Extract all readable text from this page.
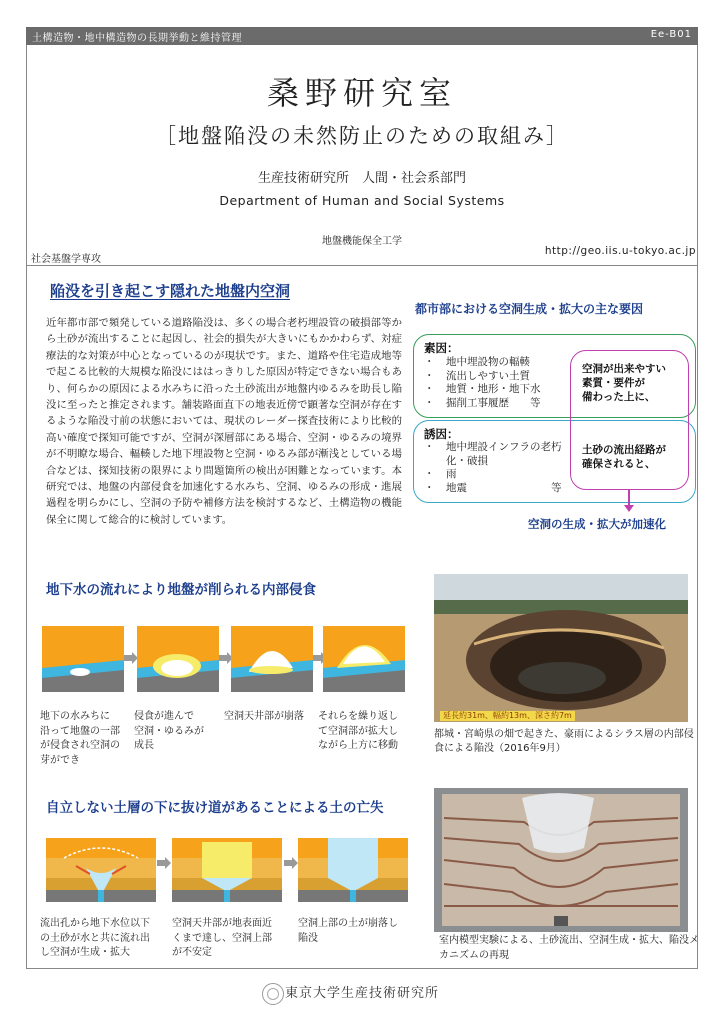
土構造物・地中構造物の長期挙動と維持管理	Ee-B01
桑野研究室
［地盤陥没の未然防止のための取組み］
生産技術研究所　人間・社会系部門
Department of Human and Social Systems
地盤機能保全工学
社会基盤学専攻
http://geo.iis.u-tokyo.ac.jp
陥没を引き起こす隠れた地盤内空洞
近年都市部で頻発している道路陥没は、多くの場合老朽埋設管の破損部等から土砂が流出することに起因し、社会的損失が大きいにもかかわらず、対症療法的な対策が中心となっているのが現状です。また、道路や住宅造成地等で起こる比較的大規模な陥没にははっきりした原因が特定できない場合もあり、何らかの原因による水みちに沿った土砂流出が地盤内ゆるみを助長し陥没に至ったと推定されます。舗装路面直下の地表近傍で顕著な空洞が存在するような陥没寸前の状態においては、現状のレーダー探査技術により比較的高い確度で探知可能ですが、空洞が深層部にある場合、空洞・ゆるみの境界が不明瞭な場合、輻輳した地下埋設物と空洞・ゆるみ部が漸浅としている場合などは、探知技術の限界により問題箇所の検出が困難となっています。本研究では、地盤の内部侵食を加速化する水みち、空洞、ゆるみの形成・進展過程を明らかにし、空洞の予防や補修方法を検討するなど、土構造物の機能保全に関して総合的に検討しています。
都市部における空洞生成・拡大の主な要因
素因：
・ 地中埋設物の輻輳
・ 流出しやすい土質
・ 地質・地形・地下水
・ 掘削工事履歴　　等
誘因：
・ 地中埋設インフラの老朽化・破損
・ 雨
・ 地震　　　　　　　　等
空洞が出来やすい
素質・要件が
備わった上に、
土砂の流出経路が
確保されると、
空洞の生成・拡大が加速化
地下水の流れにより地盤が削られる内部侵食
地下の水みちに
沿って地盤の一部
が侵食され空洞の
芽ができ
侵食が進んで
空洞・ゆるみが
成長
空洞天井部が崩落 それらを繰り返し
て空洞部が拡大し
ながら上方に移動
延長約31m、幅約13m、深さ約7m
都城・宮崎県の畑で起きた、豪雨によるシラス層の内部侵食による陥没（2016年9月）
自立しない土層の下に抜け道があることによる土の亡失
流出孔から地下水位以下
の土砂が水と共に流れ出
し空洞が生成・拡大
空洞天井部が地表面近
くまで達し、空洞上部
が不安定
空洞上部の土が崩落し
陥没	室内模型実験による、土砂流出、空洞生成・拡大、陥没メカニズムの再現
東京大学生産技術研究所
